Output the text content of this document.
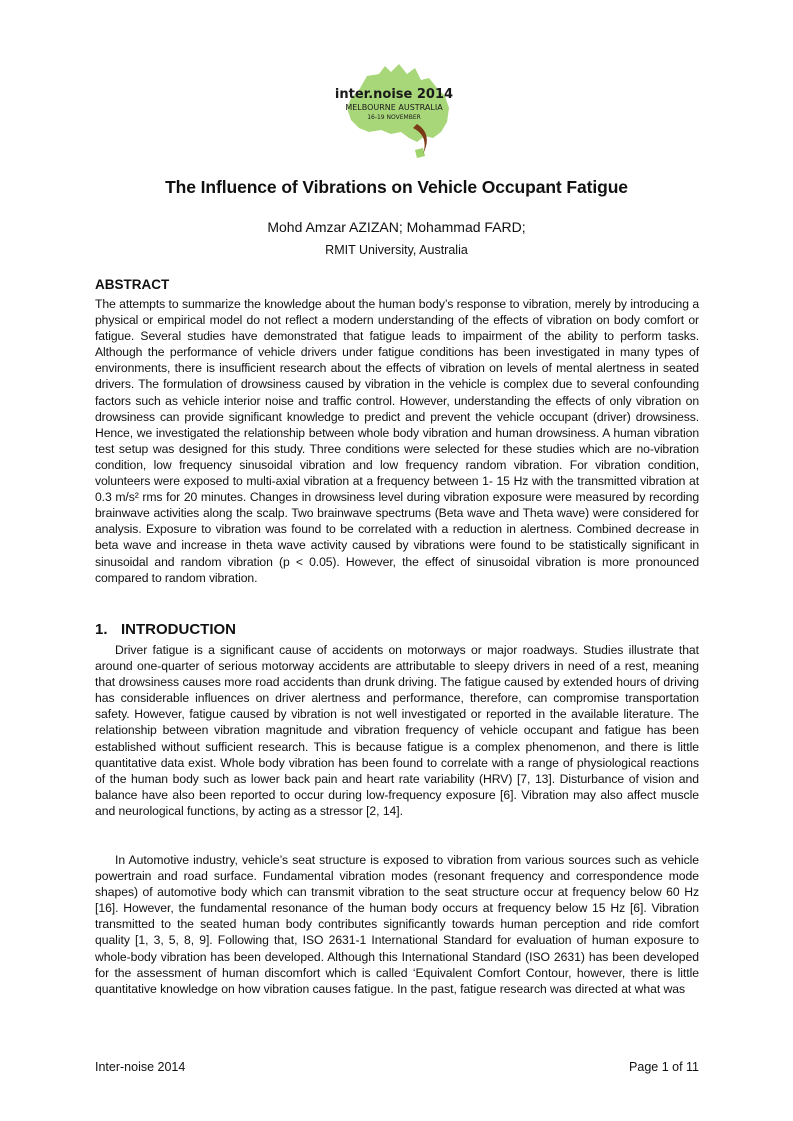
inter.noise 2014
MELBOURNE AUSTRALIA
16-19 NOVEMBER
The Influence of Vibrations on Vehicle Occupant Fatigue
Mohd Amzar AZIZAN; Mohammad FARD;
RMIT University, Australia
ABSTRACT
The attempts to summarize the knowledge about the human body’s response to vibration, merely by introducing a physical or empirical model do not reflect a modern understanding of the effects of vibration on body comfort or fatigue. Several studies have demonstrated that fatigue leads to impairment of the ability to perform tasks. Although the performance of vehicle drivers under fatigue conditions has been investigated in many types of environments, there is insufficient research about the effects of vibration on levels of mental alertness in seated drivers. The formulation of drowsiness caused by vibration in the vehicle is complex due to several confounding factors such as vehicle interior noise and traffic control. However, understanding the effects of only vibration on drowsiness can provide significant knowledge to predict and prevent the vehicle occupant (driver) drowsiness. Hence, we investigated the relationship between whole body vibration and human drowsiness. A human vibration test setup was designed for this study. Three conditions were selected for these studies which are no-vibration condition, low frequency sinusoidal vibration and low frequency random vibration. For vibration condition, volunteers were exposed to multi-axial vibration at a frequency between 1- 15 Hz with the transmitted vibration at 0.3 m/s² rms for 20 minutes. Changes in drowsiness level during vibration exposure were measured by recording brainwave activities along the scalp. Two brainwave spectrums (Beta wave and Theta wave) were considered for analysis. Exposure to vibration was found to be correlated with a reduction in alertness. Combined decrease in beta wave and increase in theta wave activity caused by vibrations were found to be statistically significant in sinusoidal and random vibration (p < 0.05). However, the effect of sinusoidal vibration is more pronounced compared to random vibration.
1. INTRODUCTION
Driver fatigue is a significant cause of accidents on motorways or major roadways. Studies illustrate that around one-quarter of serious motorway accidents are attributable to sleepy drivers in need of a rest, meaning that drowsiness causes more road accidents than drunk driving. The fatigue caused by extended hours of driving has considerable influences on driver alertness and performance, therefore, can compromise transportation safety. However, fatigue caused by vibration is not well investigated or reported in the available literature. The relationship between vibration magnitude and vibration frequency of vehicle occupant and fatigue has been established without sufficient research. This is because fatigue is a complex phenomenon, and there is little quantitative data exist. Whole body vibration has been found to correlate with a range of physiological reactions of the human body such as lower back pain and heart rate variability (HRV) [7, 13]. Disturbance of vision and balance have also been reported to occur during low-frequency exposure [6]. Vibration may also affect muscle and neurological functions, by acting as a stressor [2, 14].
In Automotive industry, vehicle’s seat structure is exposed to vibration from various sources such as vehicle powertrain and road surface. Fundamental vibration modes (resonant frequency and correspondence mode shapes) of automotive body which can transmit vibration to the seat structure occur at frequency below 60 Hz [16]. However, the fundamental resonance of the human body occurs at frequency below 15 Hz [6]. Vibration transmitted to the seated human body contributes significantly towards human perception and ride comfort quality [1, 3, 5, 8, 9]. Following that, ISO 2631-1 International Standard for evaluation of human exposure to whole-body vibration has been developed. Although this International Standard (ISO 2631) has been developed for the assessment of human discomfort which is called ‘Equivalent Comfort Contour, however, there is little quantitative knowledge on how vibration causes fatigue. In the past, fatigue research was directed at what was
Inter-noise 2014	Page 1 of 11
